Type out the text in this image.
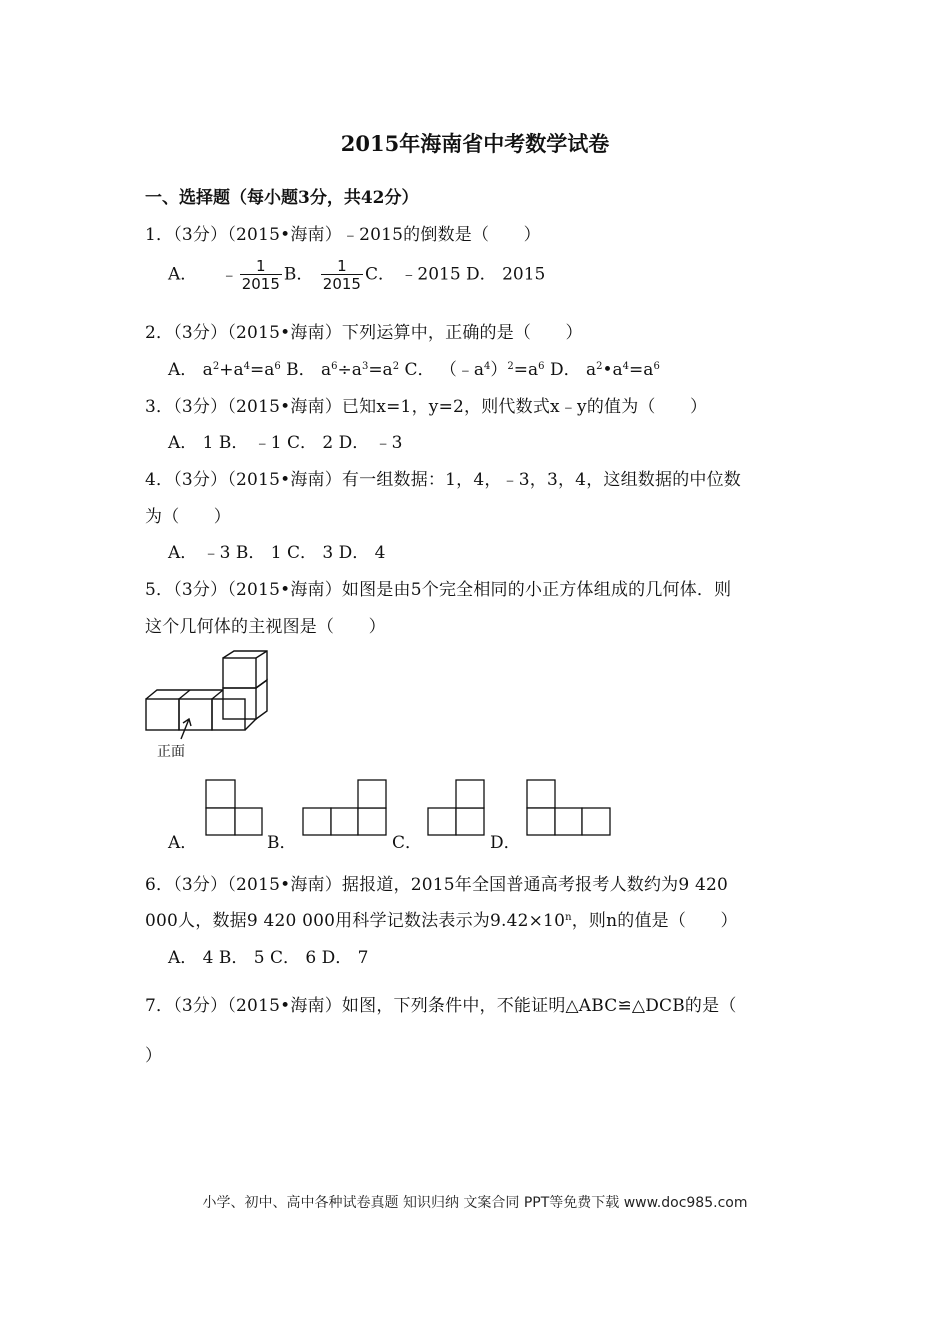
2015年海南省中考数学试卷
一、选择题（每小题3分，共42分）
1．（3分）（2015•海南）﹣2015的倒数是（　　）
A． ﹣ $\frac{1}{2015}$ B． $\frac{1}{2015}$ C． ﹣2015 D． 2015
2．（3分）（2015•海南）下列运算中，正确的是（　　）
A． $a^2+a^4=a^6$ B． $a^6\div a^3=a^2$ C． $(﹣a^4)^2=a^6$ D． $a^2•a^4=a^6$
3．（3分）（2015•海南）已知x=1，y=2，则代数式x﹣y的值为（　　）
A． 1 B． ﹣1 C． 2 D． ﹣3
4．（3分）（2015•海南）有一组数据：1，4，﹣3，3，4，这组数据的中位数
为（　　）
A． ﹣3 B． 1 C． 3 D． 4
5．（3分）（2015•海南）如图是由5个完全相同的小正方体组成的几何体．则
这个几何体的主视图是（　　）
正面
A．	B．	C．	D．
6．（3分）（2015•海南）据报道，2015年全国普通高考报考人数约为9 420
000人，数据9 420 000用科学记数法表示为$9.42\times 10^n$，则n的值是（　　）
A． 4 B． 5 C． 6 D． 7
7．（3分）（2015•海南）如图，下列条件中，不能证明△ABC≌△DCB的是（
）
小学、初中、高中各种试卷真题 知识归纳 文案合同 PPT等免费下载 www.doc985.com
